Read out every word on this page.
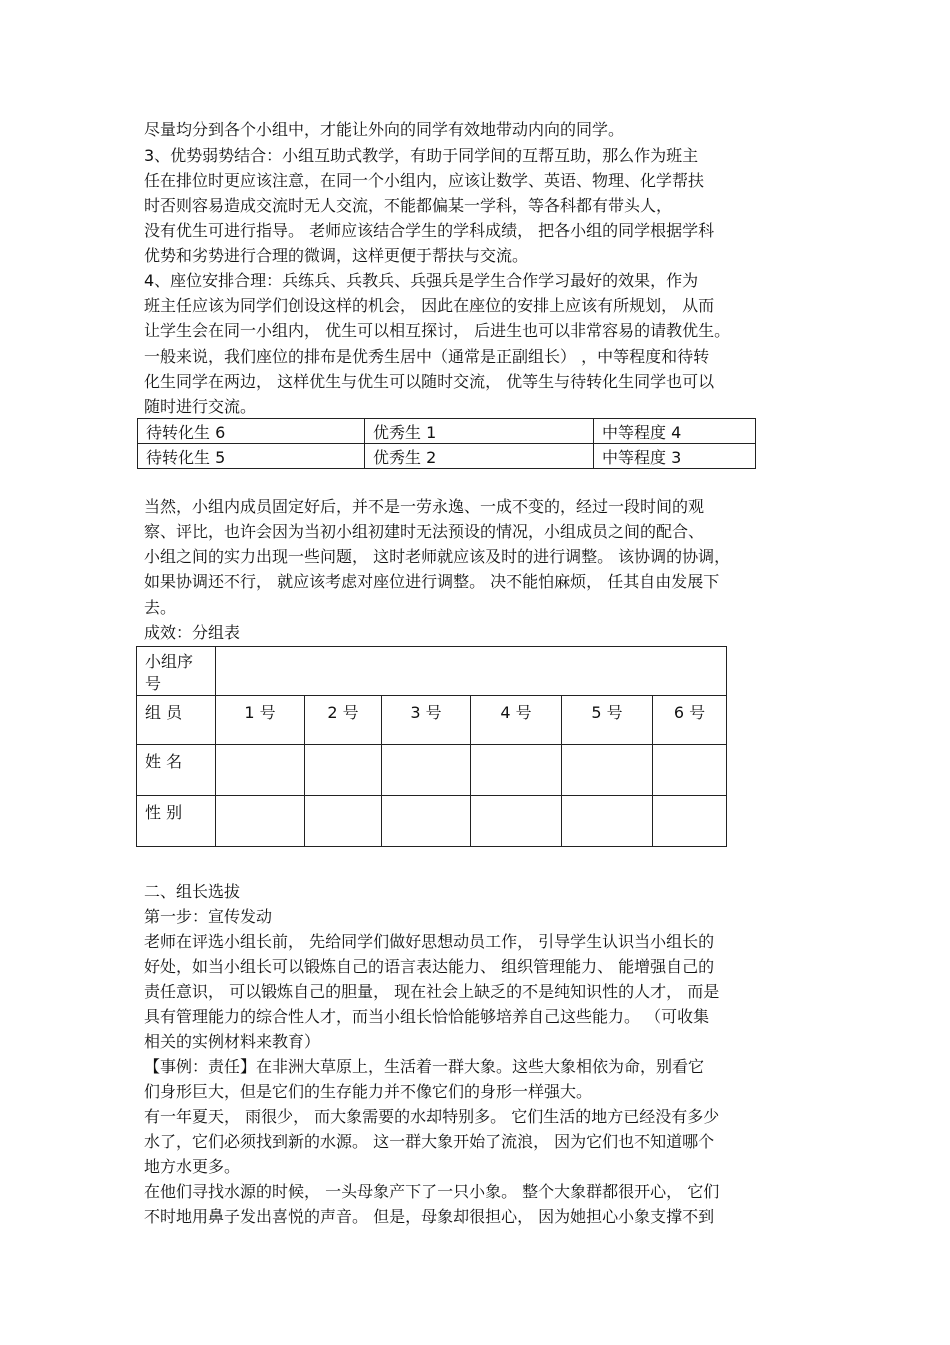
尽量均分到各个小组中，才能让外向的同学有效地带动内向的同学。
3、优势弱势结合：小组互助式教学，有助于同学间的互帮互助，那么作为班主
任在排位时更应该注意，在同一个小组内，应该让数学、英语、物理、化学帮扶
时否则容易造成交流时无人交流，不能都偏某一学科，等各科都有带头人，
没有优生可进行指导。 老师应该结合学生的学科成绩， 把各小组的同学根据学科
优势和劣势进行合理的微调，这样更便于帮扶与交流。
4、座位安排合理：兵练兵、兵教兵、兵强兵是学生合作学习最好的效果，作为
班主任应该为同学们创设这样的机会， 因此在座位的安排上应该有所规划， 从而
让学生会在同一小组内， 优生可以相互探讨， 后进生也可以非常容易的请教优生。
一般来说，我们座位的排布是优秀生居中（通常是正副组长） ，中等程度和待转
化生同学在两边， 这样优生与优生可以随时交流， 优等生与待转化生同学也可以
随时进行交流。
待转化生 6	优秀生 1	中等程度 4
待转化生 5	优秀生 2	中等程度 3
当然，小组内成员固定好后，并不是一劳永逸、一成不变的，经过一段时间的观
察、评比，也许会因为当初小组初建时无法预设的情况，小组成员之间的配合、
小组之间的实力出现一些问题， 这时老师就应该及时的进行调整。 该协调的协调，
如果协调还不行， 就应该考虑对座位进行调整。 决不能怕麻烦， 任其自由发展下
去。
成效：分组表
小组序
号						
组 员	1 号	2 号	3 号	4 号	5 号	6 号
姓 名						
性 别						
二、组长选拔
第一步：宣传发动
老师在评选小组长前， 先给同学们做好思想动员工作， 引导学生认识当小组长的
好处，如当小组长可以锻炼自己的语言表达能力、 组织管理能力、 能增强自己的
责任意识， 可以锻炼自己的胆量， 现在社会上缺乏的不是纯知识性的人才， 而是
具有管理能力的综合性人才，而当小组长恰恰能够培养自己这些能力。 （可收集
相关的实例材料来教育）
【事例：责任】在非洲大草原上，生活着一群大象。这些大象相依为命，别看它
们身形巨大，但是它们的生存能力并不像它们的身形一样强大。
有一年夏天， 雨很少， 而大象需要的水却特别多。 它们生活的地方已经没有多少
水了，它们必须找到新的水源。 这一群大象开始了流浪， 因为它们也不知道哪个
地方水更多。
在他们寻找水源的时候， 一头母象产下了一只小象。 整个大象群都很开心， 它们
不时地用鼻子发出喜悦的声音。 但是，母象却很担心， 因为她担心小象支撑不到
